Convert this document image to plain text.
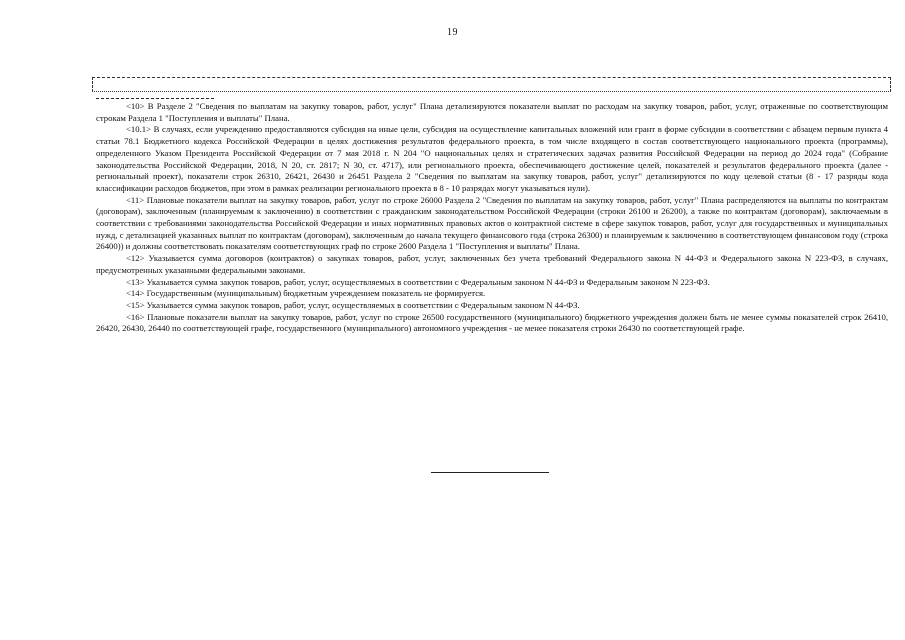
19

<10> В Разделе 2 "Сведения по выплатам на закупку товаров, работ, услуг" Плана детализируются показатели выплат по расходам на закупку товаров, работ, услуг, отраженные по соответствующим строкам Раздела 1 "Поступления и выплаты" Плана.

<10.1> В случаях, если учреждению предоставляются субсидия на иные цели, субсидия на осуществление капитальных вложений или грант в форме субсидии в соответствии с абзацем первым пункта 4 статьи 78.1 Бюджетного кодекса Российской Федерации в целях достижения результатов федерального проекта, в том числе входящего в состав соответствующего национального проекта (программы), определенного Указом Президента Российской Федерации от 7 мая 2018 г. N 204 "О национальных целях и стратегических задачах развития Российской Федерации на период до 2024 года" (Собрание законодательства Российской Федерации, 2018, N 20, ст. 2817; N 30, ст. 4717), или регионального проекта, обеспечивающего достижение целей, показателей и результатов федерального проекта (далее - региональный проект), показатели строк 26310, 26421, 26430 и 26451 Раздела 2 "Сведения по выплатам на закупку товаров, работ, услуг" детализируются по коду целевой статьи (8 - 17 разряды кода классификации расходов бюджетов, при этом в рамках реализации регионального проекта в 8 - 10 разрядах могут указываться нули).

<11> Плановые показатели выплат на закупку товаров, работ, услуг по строке 26000 Раздела 2 "Сведения по выплатам на закупку товаров, работ, услуг" Плана распределяются на выплаты по контрактам (договорам), заключенным (планируемым к заключению) в соответствии с гражданским законодательством Российской Федерации (строки 26100 и 26200), а также по контрактам (договорам), заключаемым в соответствии с требованиями законодательства Российской Федерации и иных нормативных правовых актов о контрактной системе в сфере закупок товаров, работ, услуг для государственных и муниципальных нужд, с детализацией указанных выплат по контрактам (договорам), заключенным до начала текущего финансового года (строка 26300) и планируемым к заключению в соответствующем финансовом году (строка 26400)) и должны соответствовать показателям соответствующих граф по строке 2600 Раздела 1 "Поступления и выплаты" Плана.

<12> Указывается сумма договоров (контрактов) о закупках товаров, работ, услуг, заключенных без учета требований Федерального закона N 44-ФЗ и Федерального закона N 223-ФЗ, в случаях, предусмотренных указанными федеральными законами.

<13> Указывается сумма закупок товаров, работ, услуг, осуществляемых в соответствии с Федеральным законом N 44-ФЗ и Федеральным законом N 223-ФЗ.

<14> Государственным (муниципальным) бюджетным учреждением показатель не формируется.

<15> Указывается сумма закупок товаров, работ, услуг, осуществляемых в соответствии с Федеральным законом N 44-ФЗ.

<16> Плановые показатели выплат на закупку товаров, работ, услуг по строке 26500 государственного (муниципального) бюджетного учреждения должен быть не менее суммы показателей строк 26410, 26420, 26430, 26440 по соответствующей графе, государственного (муниципального) автономного учреждения - не менее показателя строки 26430 по соответствующей графе.
